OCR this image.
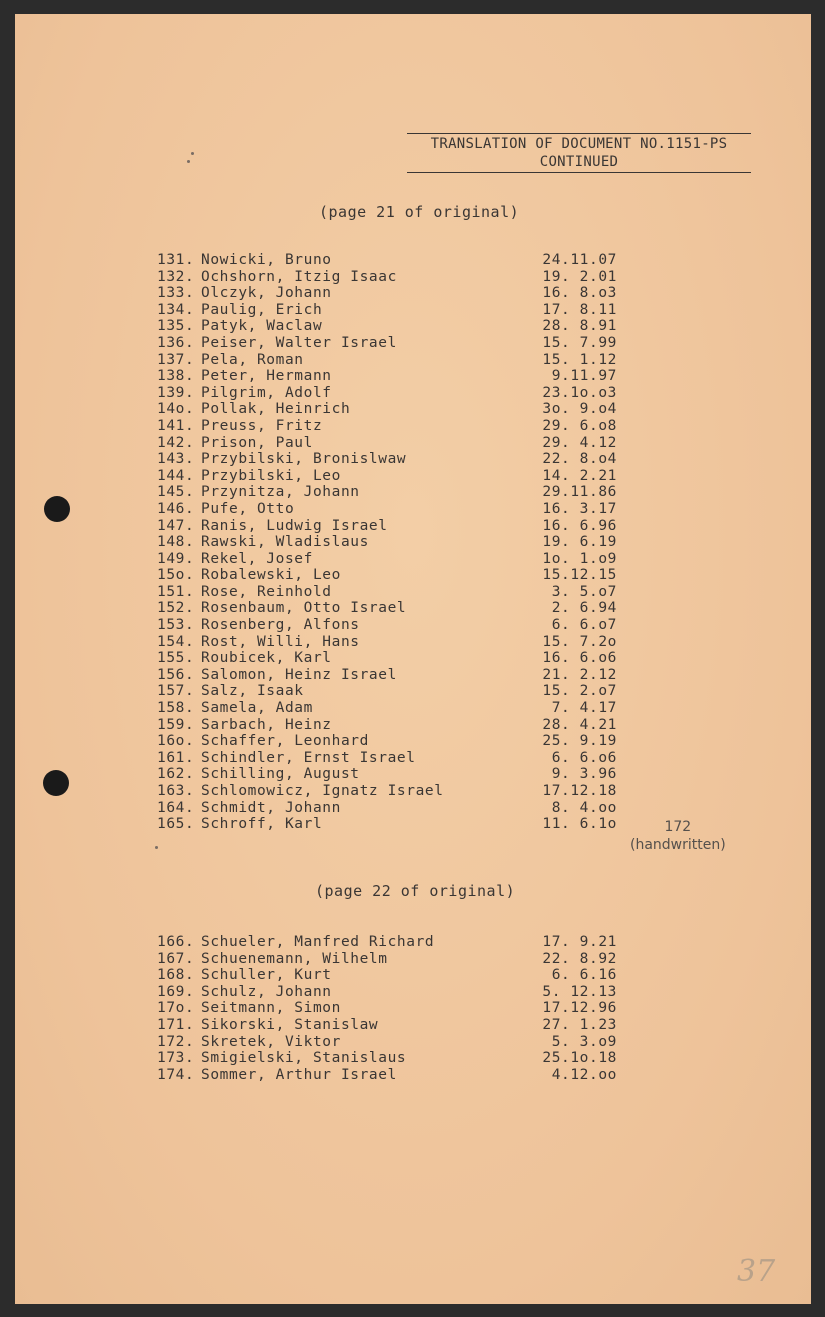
TRANSLATION OF DOCUMENT NO.1151-PS
CONTINUED
(page 21 of original)
131. Nowicki, Bruno	24.11.07
132. Ochshorn, Itzig Isaac	19. 2.01
133. Olczyk, Johann	16. 8.o3
134. Paulig, Erich	17. 8.11
135. Patyk, Waclaw	28. 8.91
136. Peiser, Walter Israel	15. 7.99
137. Pela, Roman	15. 1.12
138. Peter, Hermann	9.11.97
139. Pilgrim, Adolf	23.1o.o3
14o. Pollak, Heinrich	3o. 9.o4
141. Preuss, Fritz	29. 6.o8
142. Prison, Paul	29. 4.12
143. Przybilski, Bronislwaw	22. 8.o4
144. Przybilski, Leo	14. 2.21
145. Przynitza, Johann	29.11.86
146. Pufe, Otto	16. 3.17
147. Ranis, Ludwig Israel	16. 6.96
148. Rawski, Wladislaus	19. 6.19
149. Rekel, Josef	1o. 1.o9
15o. Robalewski, Leo	15.12.15
151. Rose, Reinhold	3. 5.o7
152. Rosenbaum, Otto Israel	2. 6.94
153. Rosenberg, Alfons	6. 6.o7
154. Rost, Willi, Hans	15. 7.2o
155. Roubicek, Karl	16. 6.o6
156. Salomon, Heinz Israel	21. 2.12
157. Salz, Isaak	15. 2.o7
158. Samela, Adam	7. 4.17
159. Sarbach, Heinz	28. 4.21
16o. Schaffer, Leonhard	25. 9.19
161. Schindler, Ernst Israel	6. 6.o6
162. Schilling, August	9. 3.96
163. Schlomowicz, Ignatz Israel	17.12.18
164. Schmidt, Johann	8. 4.oo
165. Schroff, Karl	11. 6.1o	172
(handwritten)
(page 22 of original)
166. Schueler, Manfred Richard	17. 9.21
167. Schuenemann, Wilhelm	22. 8.92
168. Schuller, Kurt	6. 6.16
169. Schulz, Johann	5. 12.13
17o. Seitmann, Simon	17.12.96
171. Sikorski, Stanislaw	27. 1.23
172. Skretek, Viktor	5. 3.o9
173. Smigielski, Stanislaus	25.1o.18
174. Sommer, Arthur Israel	4.12.oo
37
